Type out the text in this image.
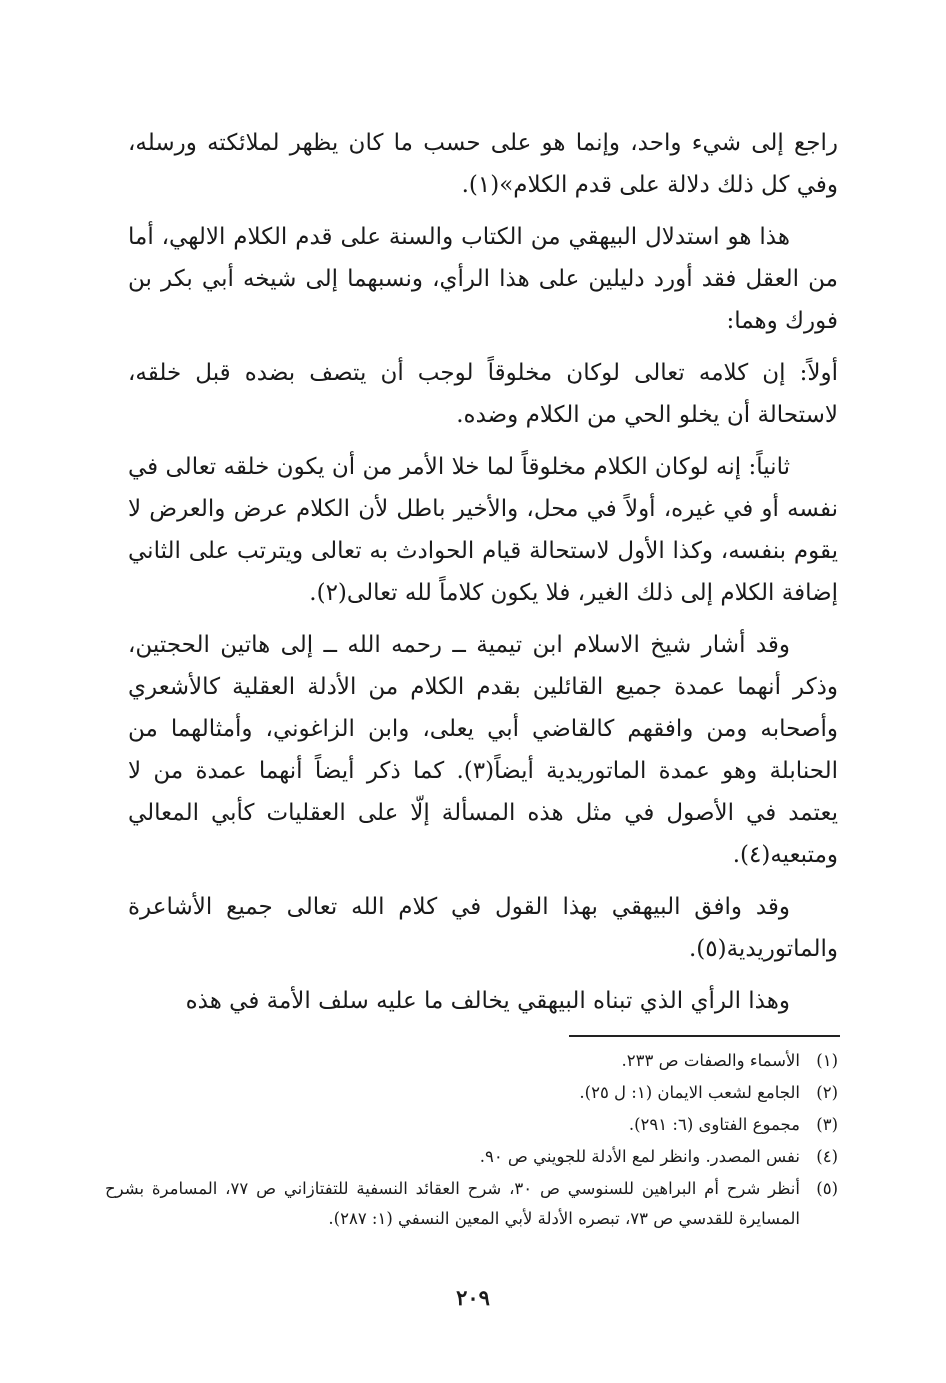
راجع إلى شيء واحد، وإنما هو على حسب ما كان يظهر لملائكته ورسله، وفي كل ذلك دلالة على قدم الكلام»(١).

هذا هو استدلال البيهقي من الكتاب والسنة على قدم الكلام الالهي، أما من العقل فقد أورد دليلين على هذا الرأي، ونسبهما إلى شيخه أبي بكر بن فورك وهما:

أولاً: إن كلامه تعالى لوكان مخلوقاً لوجب أن يتصف بضده قبل خلقه، لاستحالة أن يخلو الحي من الكلام وضده.

ثانياً: إنه لوكان الكلام مخلوقاً لما خلا الأمر من أن يكون خلقه تعالى في نفسه أو في غيره، أولاً في محل، والأخير باطل لأن الكلام عرض والعرض لا يقوم بنفسه، وكذا الأول لاستحالة قيام الحوادث به تعالى ويترتب على الثاني إضافة الكلام إلى ذلك الغير، فلا يكون كلاماً لله تعالى(٢).

وقد أشار شيخ الاسلام ابن تيمية ــ رحمه الله ــ إلى هاتين الحجتين، وذكر أنهما عمدة جميع القائلين بقدم الكلام من الأدلة العقلية كالأشعري وأصحابه ومن وافقهم كالقاضي أبي يعلى، وابن الزاغوني، وأمثالهما من الحنابلة وهو عمدة الماتوريدية أيضاً(٣). كما ذكر أيضاً أنهما عمدة من لا يعتمد في الأصول في مثل هذه المسألة إلّا على العقليات كأبي المعالي ومتبعيه(٤).

وقد وافق البيهقي بهذا القول في كلام الله تعالى جميع الأشاعرة والماتوريدية(٥).

وهذا الرأي الذي تبناه البيهقي يخالف ما عليه سلف الأمة في هذه

(١)
الأسماء والصفات ص ٢٣٣.
(٢)
الجامع لشعب الايمان (١: ل ٢٥).
(٣)
مجموع الفتاوى (٦: ٢٩١).
(٤)
نفس المصدر. وانظر لمع الأدلة للجويني ص ٩٠.
(٥)
أنظر شرح أم البراهين للسنوسي ص ٣٠، شرح العقائد النسفية للتفتازاني ص ٧٧، المسامرة بشرح المسايرة للقدسي ص ٧٣، تبصره الأدلة لأبي المعين النسفي (١: ٢٨٧).
٢٠٩
